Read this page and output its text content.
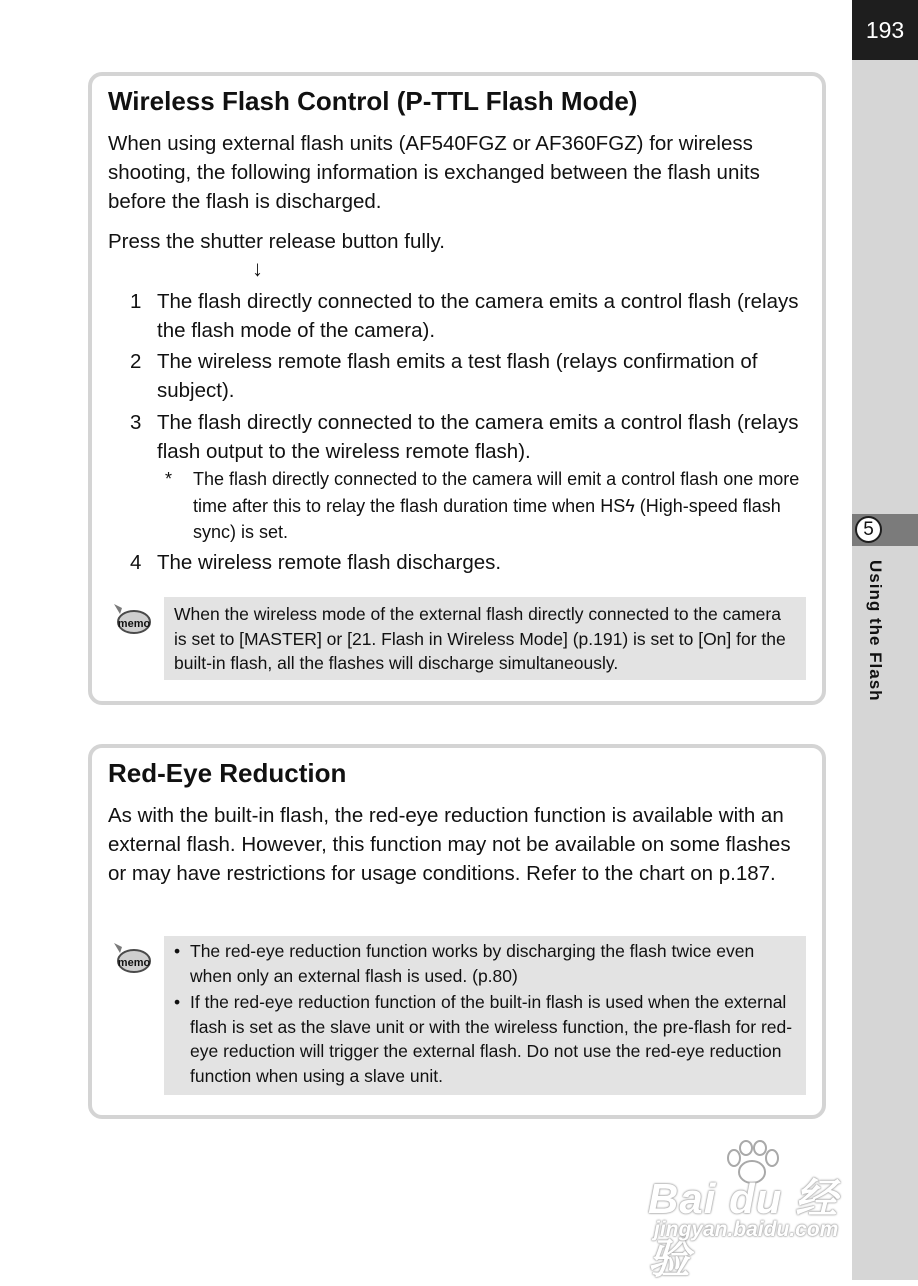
193
5
Using the Flash
Wireless Flash Control (P-TTL Flash Mode)
When using external flash units (AF540FGZ or AF360FGZ) for wireless shooting, the following information is exchanged between the flash units before the flash is discharged.
Press the shutter release button fully.
↓
1 The flash directly connected to the camera emits a control flash (relays the flash mode of the camera).
2 The wireless remote flash emits a test flash (relays confirmation of subject).
3 The flash directly connected to the camera emits a control flash (relays flash output to the wireless remote flash).
*	The flash directly connected to the camera will emit a control flash one more time after this to relay the flash duration time when HSϟ (High-speed flash sync) is set.
4 The wireless remote flash discharges.
memo	When the wireless mode of the external flash directly connected to the camera is set to [MASTER] or [21. Flash in Wireless Mode] (p.191) is set to [On] for the built-in flash, all the flashes will discharge simultaneously.
Red-Eye Reduction
As with the built-in flash, the red-eye reduction function is available with an external flash. However, this function may not be available on some flashes or may have restrictions for usage conditions. Refer to the chart on p.187.
memo
• The red-eye reduction function works by discharging the flash twice even when only an external flash is used. (p.80)
• If the red-eye reduction function of the built-in flash is used when the external flash is set as the slave unit or with the wireless function, the pre-flash for red-eye reduction will trigger the external flash. Do not use the red-eye reduction function when using a slave unit.
Bai du 经验
jingyan.baidu.com
